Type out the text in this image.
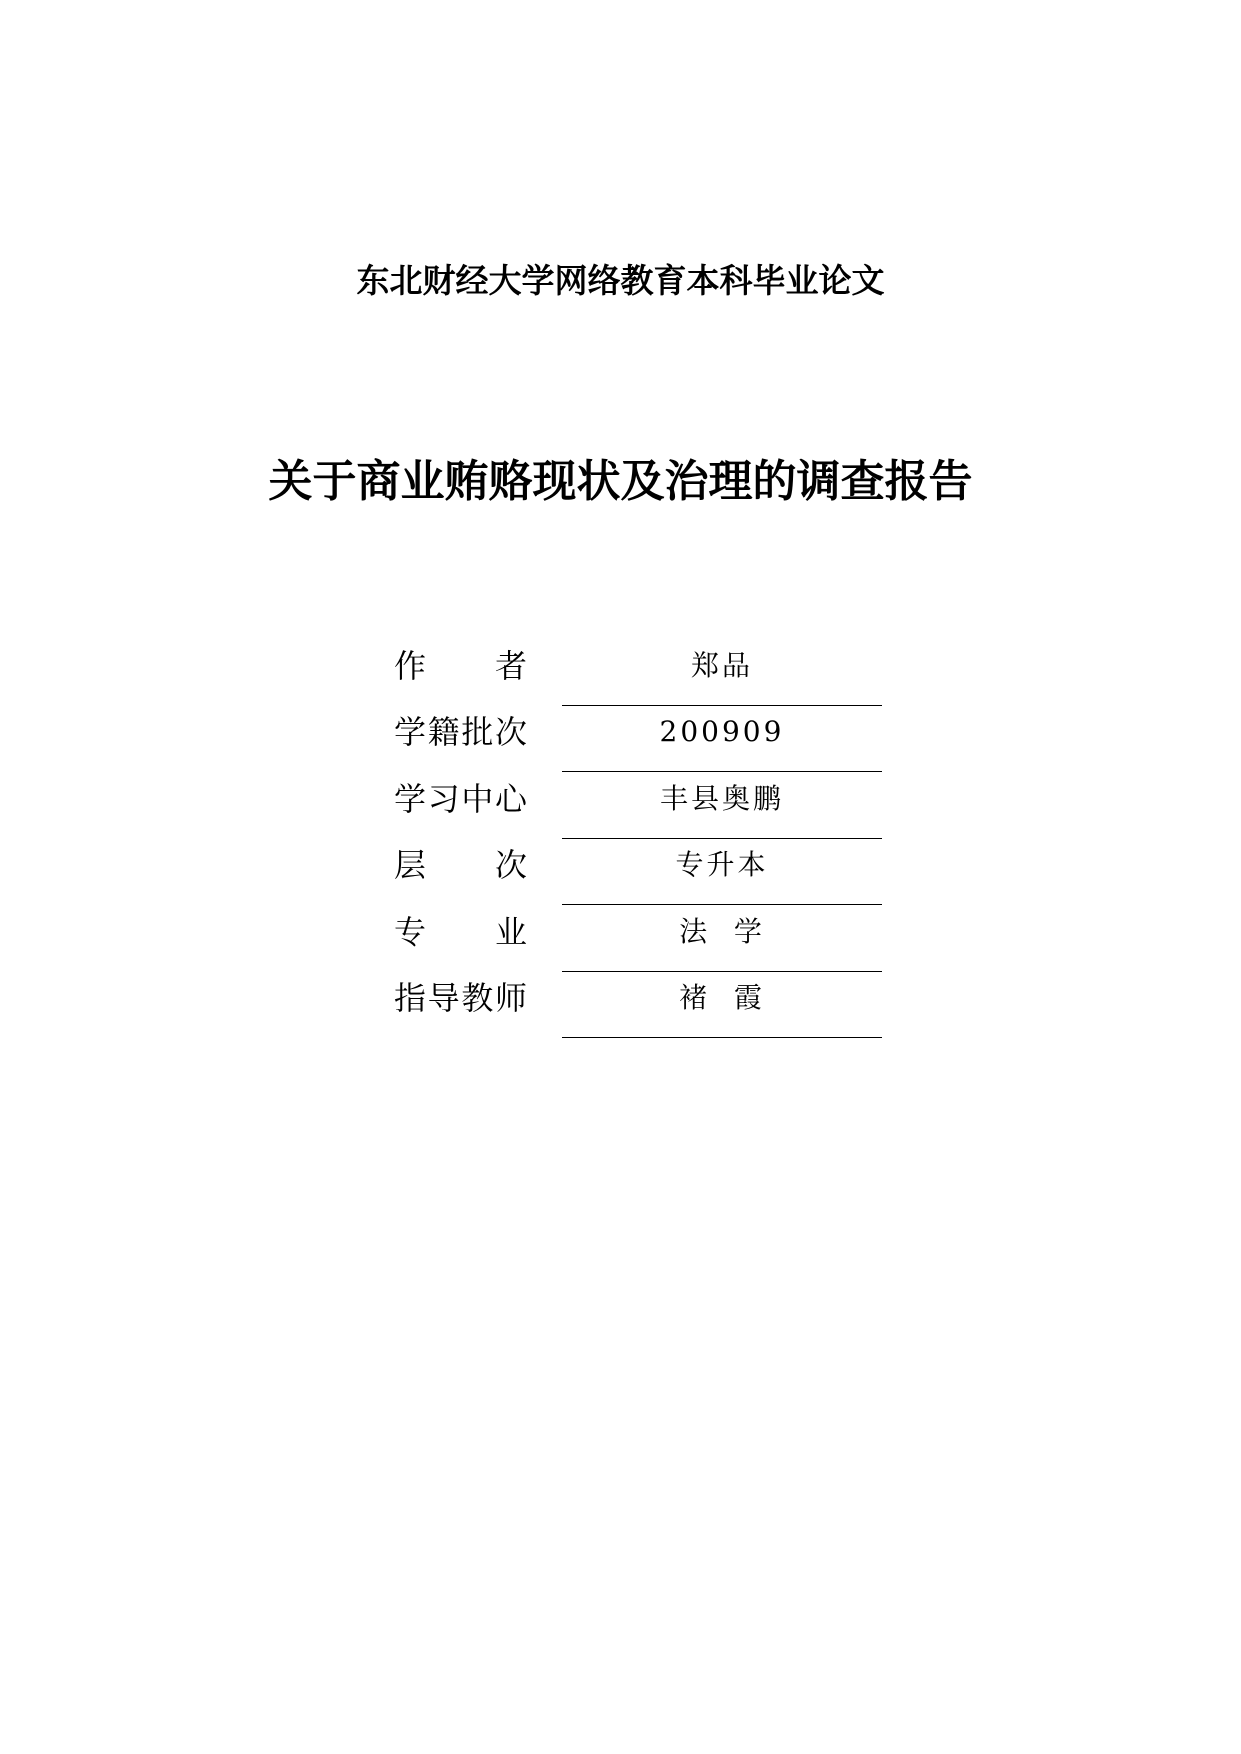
东北财经大学网络教育本科毕业论文
关于商业贿赂现状及治理的调查报告
作 者	郑品
学 籍 批 次	200909
学 习 中 心	丰县奥鹏
层 次	专升本
专 业	法  学
指 导 教 师	褚  霞
